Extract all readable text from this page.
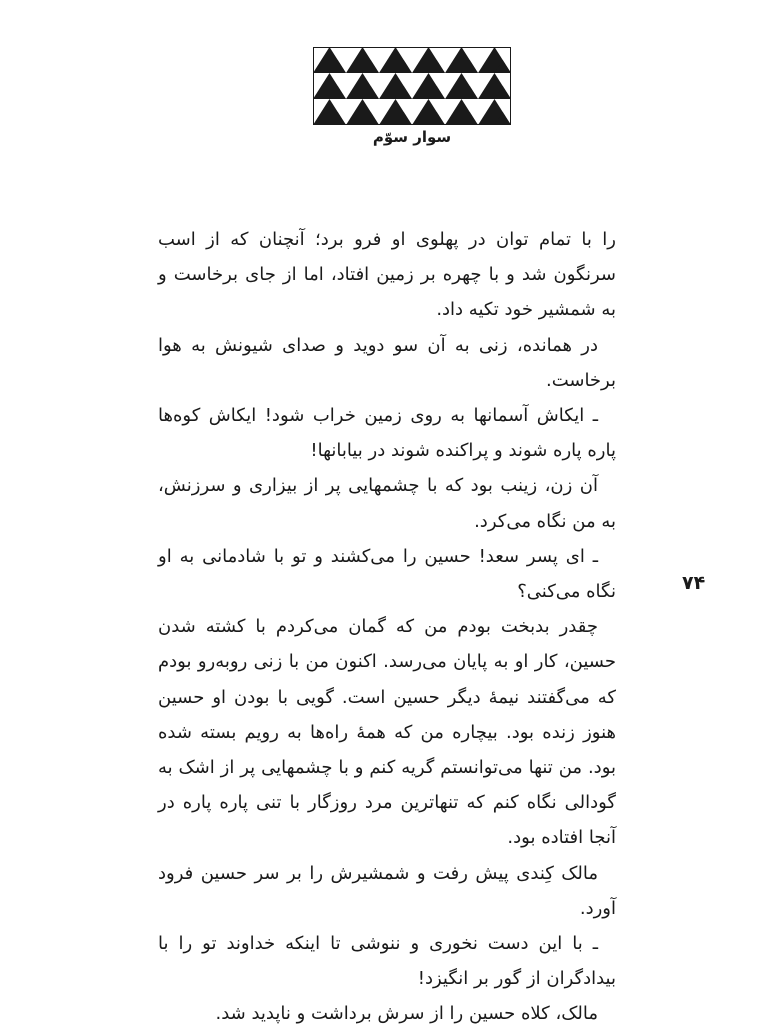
سوار سوّم

را با تمام توان در پهلوی او فرو برد؛ آنچنان که از اسب سرنگون شد و با چهره بر زمین افتاد، اما از جای برخاست و به شمشیر خود تکیه داد.

در همانده، زنی به آن سو دوید و صدای شیونش به هوا برخاست.

ـ ایکاش آسمانها به روی زمین خراب شود! ایکاش کوه‌ها پاره پاره شوند و پراکنده شوند در بیابانها!

آن زن، زینب بود که با چشمهایی پر از بیزاری و سرزنش، به من نگاه می‌کرد.

ـ ای پسر سعد! حسین را می‌کشند و تو با شادمانی به او نگاه می‌کنی؟

چقدر بدبخت بودم من که گمان می‌کردم با کشته شدن حسین، کار او به پایان می‌رسد. اکنون من با زنی روبه‌رو بودم که می‌گفتند نیمهٔ دیگر حسین است. گویی با بودن او حسین هنوز زنده بود. بیچاره من که همهٔ راه‌ها به رویم بسته شده بود. من تنها می‌توانستم گریه کنم و با چشمهایی پر از اشک به گودالی نگاه کنم که تنهاترین مرد روزگار با تنی پاره پاره در آنجا افتاده بود.

مالک کِندی پیش رفت و شمشیرش را بر سر حسین فرود آورد.

ـ با این دست نخوری و ننوشی تا اینکه خداوند تو را با بیدادگران از گور بر انگیزد!

مالک، کلاه حسین را از سرش برداشت و ناپدید شد.

۷۴
